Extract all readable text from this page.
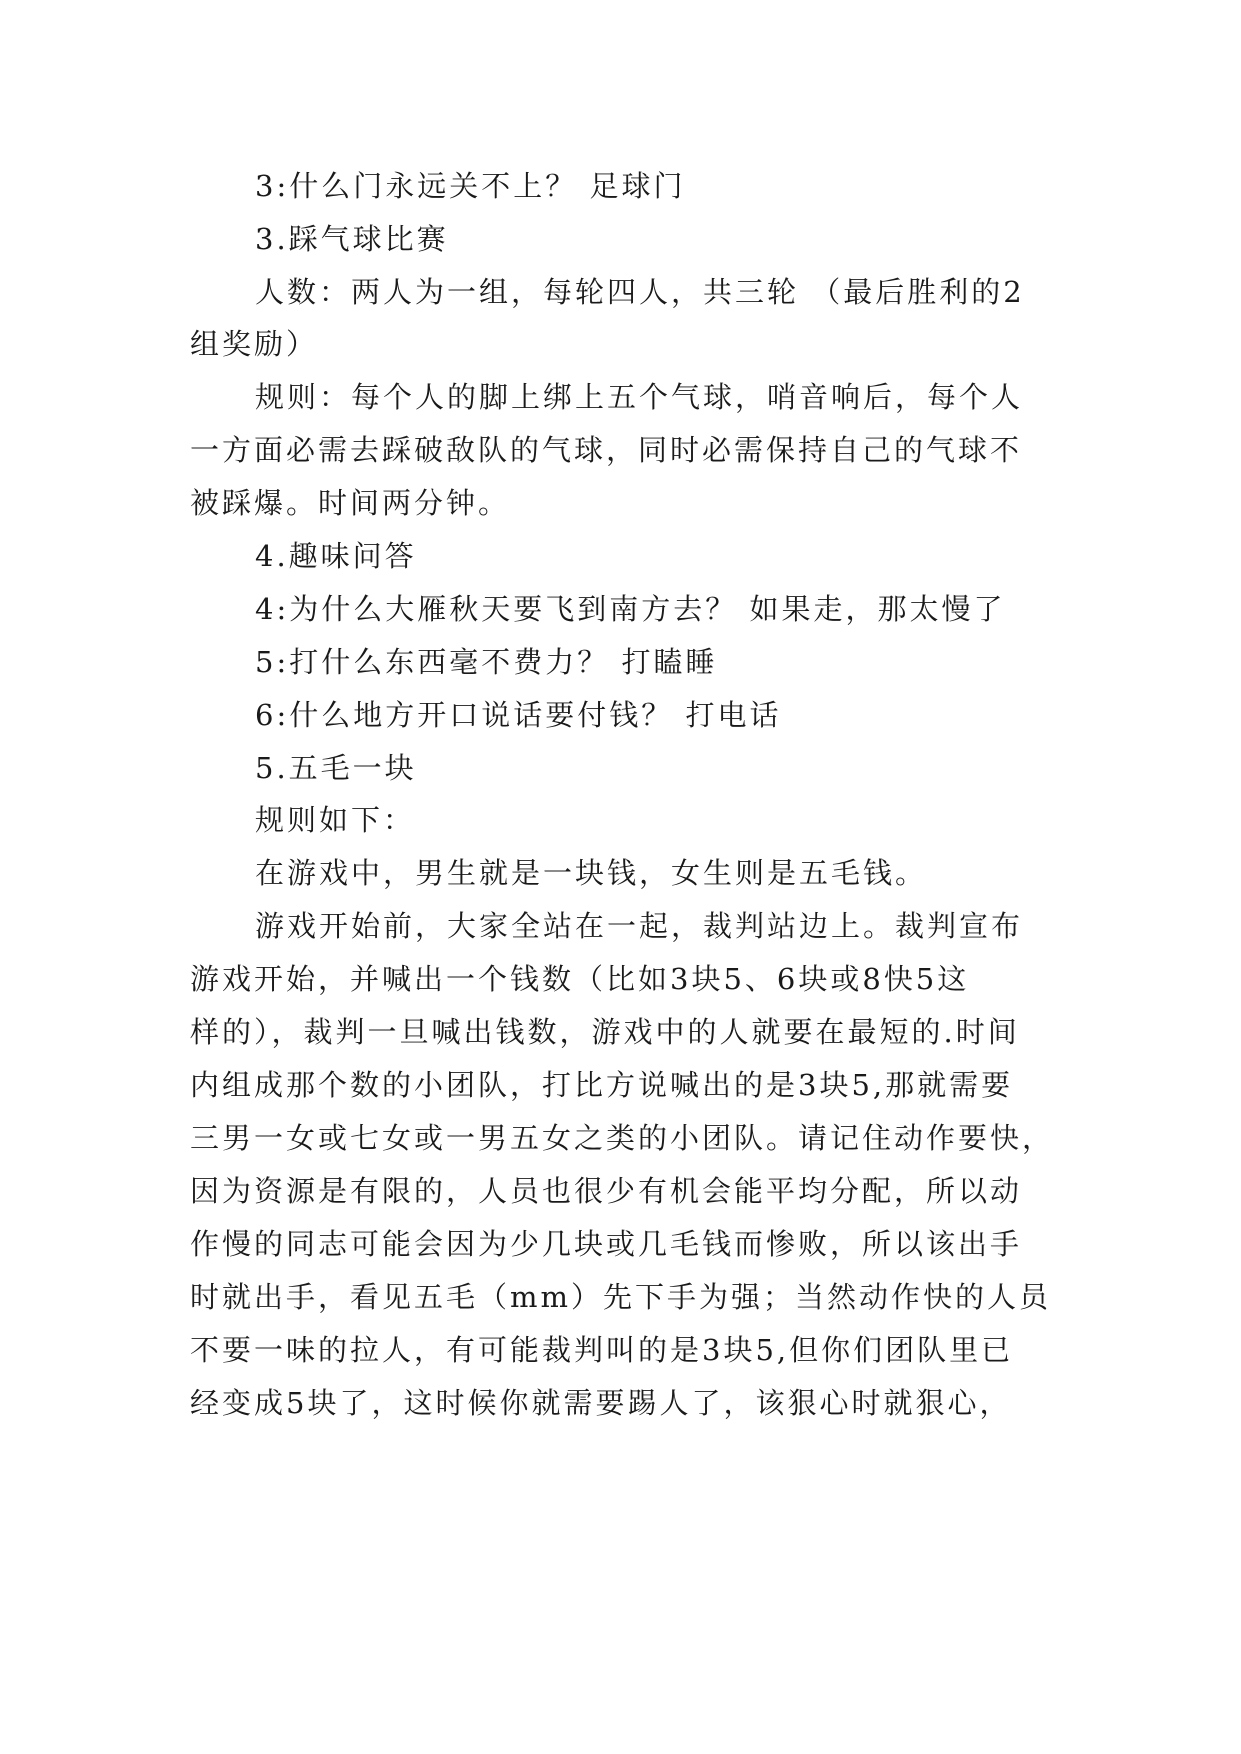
3:什么门永远关不上？ 足球门
3.踩气球比赛
人数：两人为一组，每轮四人，共三轮 （最后胜利的2
组奖励）
规则：每个人的脚上绑上五个气球，哨音响后，每个人
一方面必需去踩破敌队的气球，同时必需保持自己的气球不
被踩爆。时间两分钟。
4.趣味问答
4:为什么大雁秋天要飞到南方去？ 如果走，那太慢了
5:打什么东西毫不费力？ 打瞌睡
6:什么地方开口说话要付钱？ 打电话
5.五毛一块
规则如下：
在游戏中，男生就是一块钱，女生则是五毛钱。
游戏开始前，大家全站在一起，裁判站边上。裁判宣布
游戏开始，并喊出一个钱数（比如3块5、6块或8快5这
样的），裁判一旦喊出钱数，游戏中的人就要在最短的.时间
内组成那个数的小团队，打比方说喊出的是3块5,那就需要
三男一女或七女或一男五女之类的小团队。请记住动作要快，
因为资源是有限的，人员也很少有机会能平均分配，所以动
作慢的同志可能会因为少几块或几毛钱而惨败，所以该出手
时就出手，看见五毛（mm）先下手为强；当然动作快的人员
不要一味的拉人，有可能裁判叫的是3块5,但你们团队里已
经变成5块了，这时候你就需要踢人了，该狠心时就狠心，
